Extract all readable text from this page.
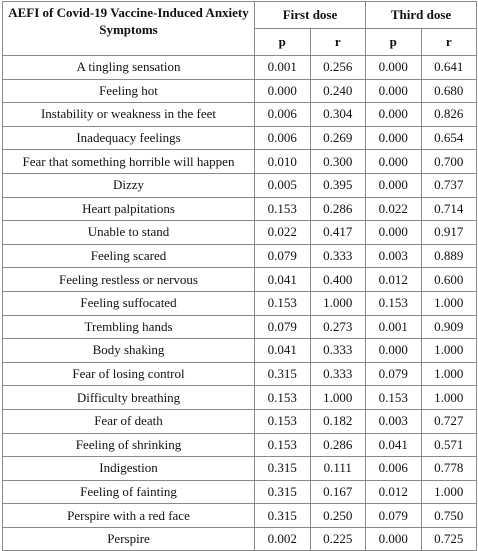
AEFI of Covid-19 Vaccine-Induced Anxiety Symptoms	First dose		Third dose	
	p	r	p	r
A tingling sensation	0.001	0.256	0.000	0.641
Feeling hot	0.000	0.240	0.000	0.680
Instability or weakness in the feet	0.006	0.304	0.000	0.826
Inadequacy feelings	0.006	0.269	0.000	0.654
Fear that something horrible will happen	0.010	0.300	0.000	0.700
Dizzy	0.005	0.395	0.000	0.737
Heart palpitations	0.153	0.286	0.022	0.714
Unable to stand	0.022	0.417	0.000	0.917
Feeling scared	0.079	0.333	0.003	0.889
Feeling restless or nervous	0.041	0.400	0.012	0.600
Feeling suffocated	0.153	1.000	0.153	1.000
Trembling hands	0.079	0.273	0.001	0.909
Body shaking	0.041	0.333	0.000	1.000
Fear of losing control	0.315	0.333	0.079	1.000
Difficulty breathing	0.153	1.000	0.153	1.000
Fear of death	0.153	0.182	0.003	0.727
Feeling of shrinking	0.153	0.286	0.041	0.571
Indigestion	0.315	0.111	0.006	0.778
Feeling of fainting	0.315	0.167	0.012	1.000
Perspire with a red face	0.315	0.250	0.079	0.750
Perspire	0.002	0.225	0.000	0.725
